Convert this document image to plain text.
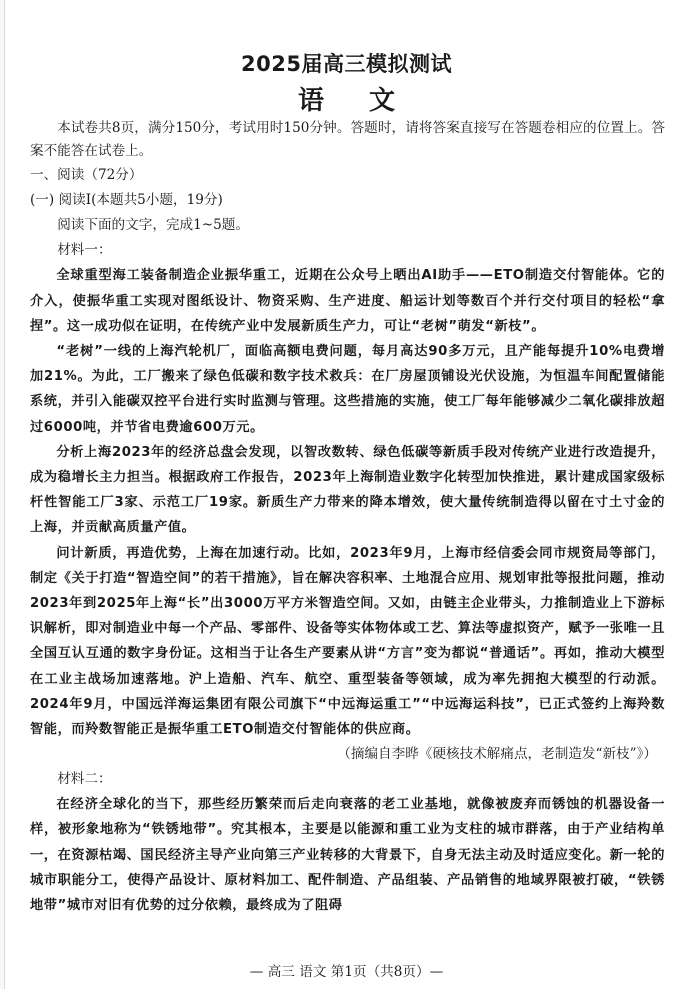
2025届高三模拟测试
语 文

本试卷共8页，满分150分，考试用时150分钟。答题时，请将答案直接写在答题卷相应的位置上。答案不能答在试卷上。

一、阅读（72分）

(一) 阅读Ⅰ(本题共5小题，19分)

阅读下面的文字，完成1~5题。

材料一：

全球重型海工装备制造企业振华重工，近期在公众号上晒出AI助手——ETO制造交付智能体。它的介入，使振华重工实现对图纸设计、物资采购、生产进度、船运计划等数百个并行交付项目的轻松“拿捏”。这一成功似在证明，在传统产业中发展新质生产力，可让“老树”萌发“新枝”。

“老树”一线的上海汽轮机厂，面临高额电费问题，每月高达90多万元，且产能每提升10%电费增加21%。为此，工厂搬来了绿色低碳和数字技术救兵：在厂房屋顶铺设光伏设施，为恒温车间配置储能系统，并引入能碳双控平台进行实时监测与管理。这些措施的实施，使工厂每年能够减少二氧化碳排放超过6000吨，并节省电费逾600万元。

分析上海2023年的经济总盘会发现，以智改数转、绿色低碳等新质手段对传统产业进行改造提升，成为稳增长主力担当。根据政府工作报告，2023年上海制造业数字化转型加快推进，累计建成国家级标杆性智能工厂3家、示范工厂19家。新质生产力带来的降本增效，使大量传统制造得以留在寸土寸金的上海，并贡献高质量产值。

问计新质，再造优势，上海在加速行动。比如，2023年9月，上海市经信委会同市规资局等部门，制定《关于打造“智造空间”的若干措施》，旨在解决容积率、土地混合应用、规划审批等报批问题，推动2023年到2025年上海“长”出3000万平方米智造空间。又如，由链主企业带头，力推制造业上下游标识解析，即对制造业中每一个产品、零部件、设备等实体物体或工艺、算法等虚拟资产，赋予一张唯一且全国互认互通的数字身份证。这相当于让各生产要素从讲“方言”变为都说“普通话”。再如，推动大模型在工业主战场加速落地。沪上造船、汽车、航空、重型装备等领域，成为率先拥抱大模型的行动派。2024年9月，中国远洋海运集团有限公司旗下“中远海运重工”“中远海运科技”，已正式签约上海羚数智能，而羚数智能正是振华重工ETO制造交付智能体的供应商。

（摘编自李晔《硬核技术解痛点，老制造发“新枝”》）

材料二：

在经济全球化的当下，那些经历繁荣而后走向衰落的老工业基地，就像被废弃而锈蚀的机器设备一样，被形象地称为“铁锈地带”。究其根本，主要是以能源和重工业为支柱的城市群落，由于产业结构单一，在资源枯竭、国民经济主导产业向第三产业转移的大背景下，自身无法主动及时适应变化。新一轮的城市职能分工，使得产品设计、原材料加工、配件制造、产品组装、产品销售的地域界限被打破，“铁锈地带”城市对旧有优势的过分依赖，最终成为了阻碍

— 高三 语文 第1页（共8页）—
